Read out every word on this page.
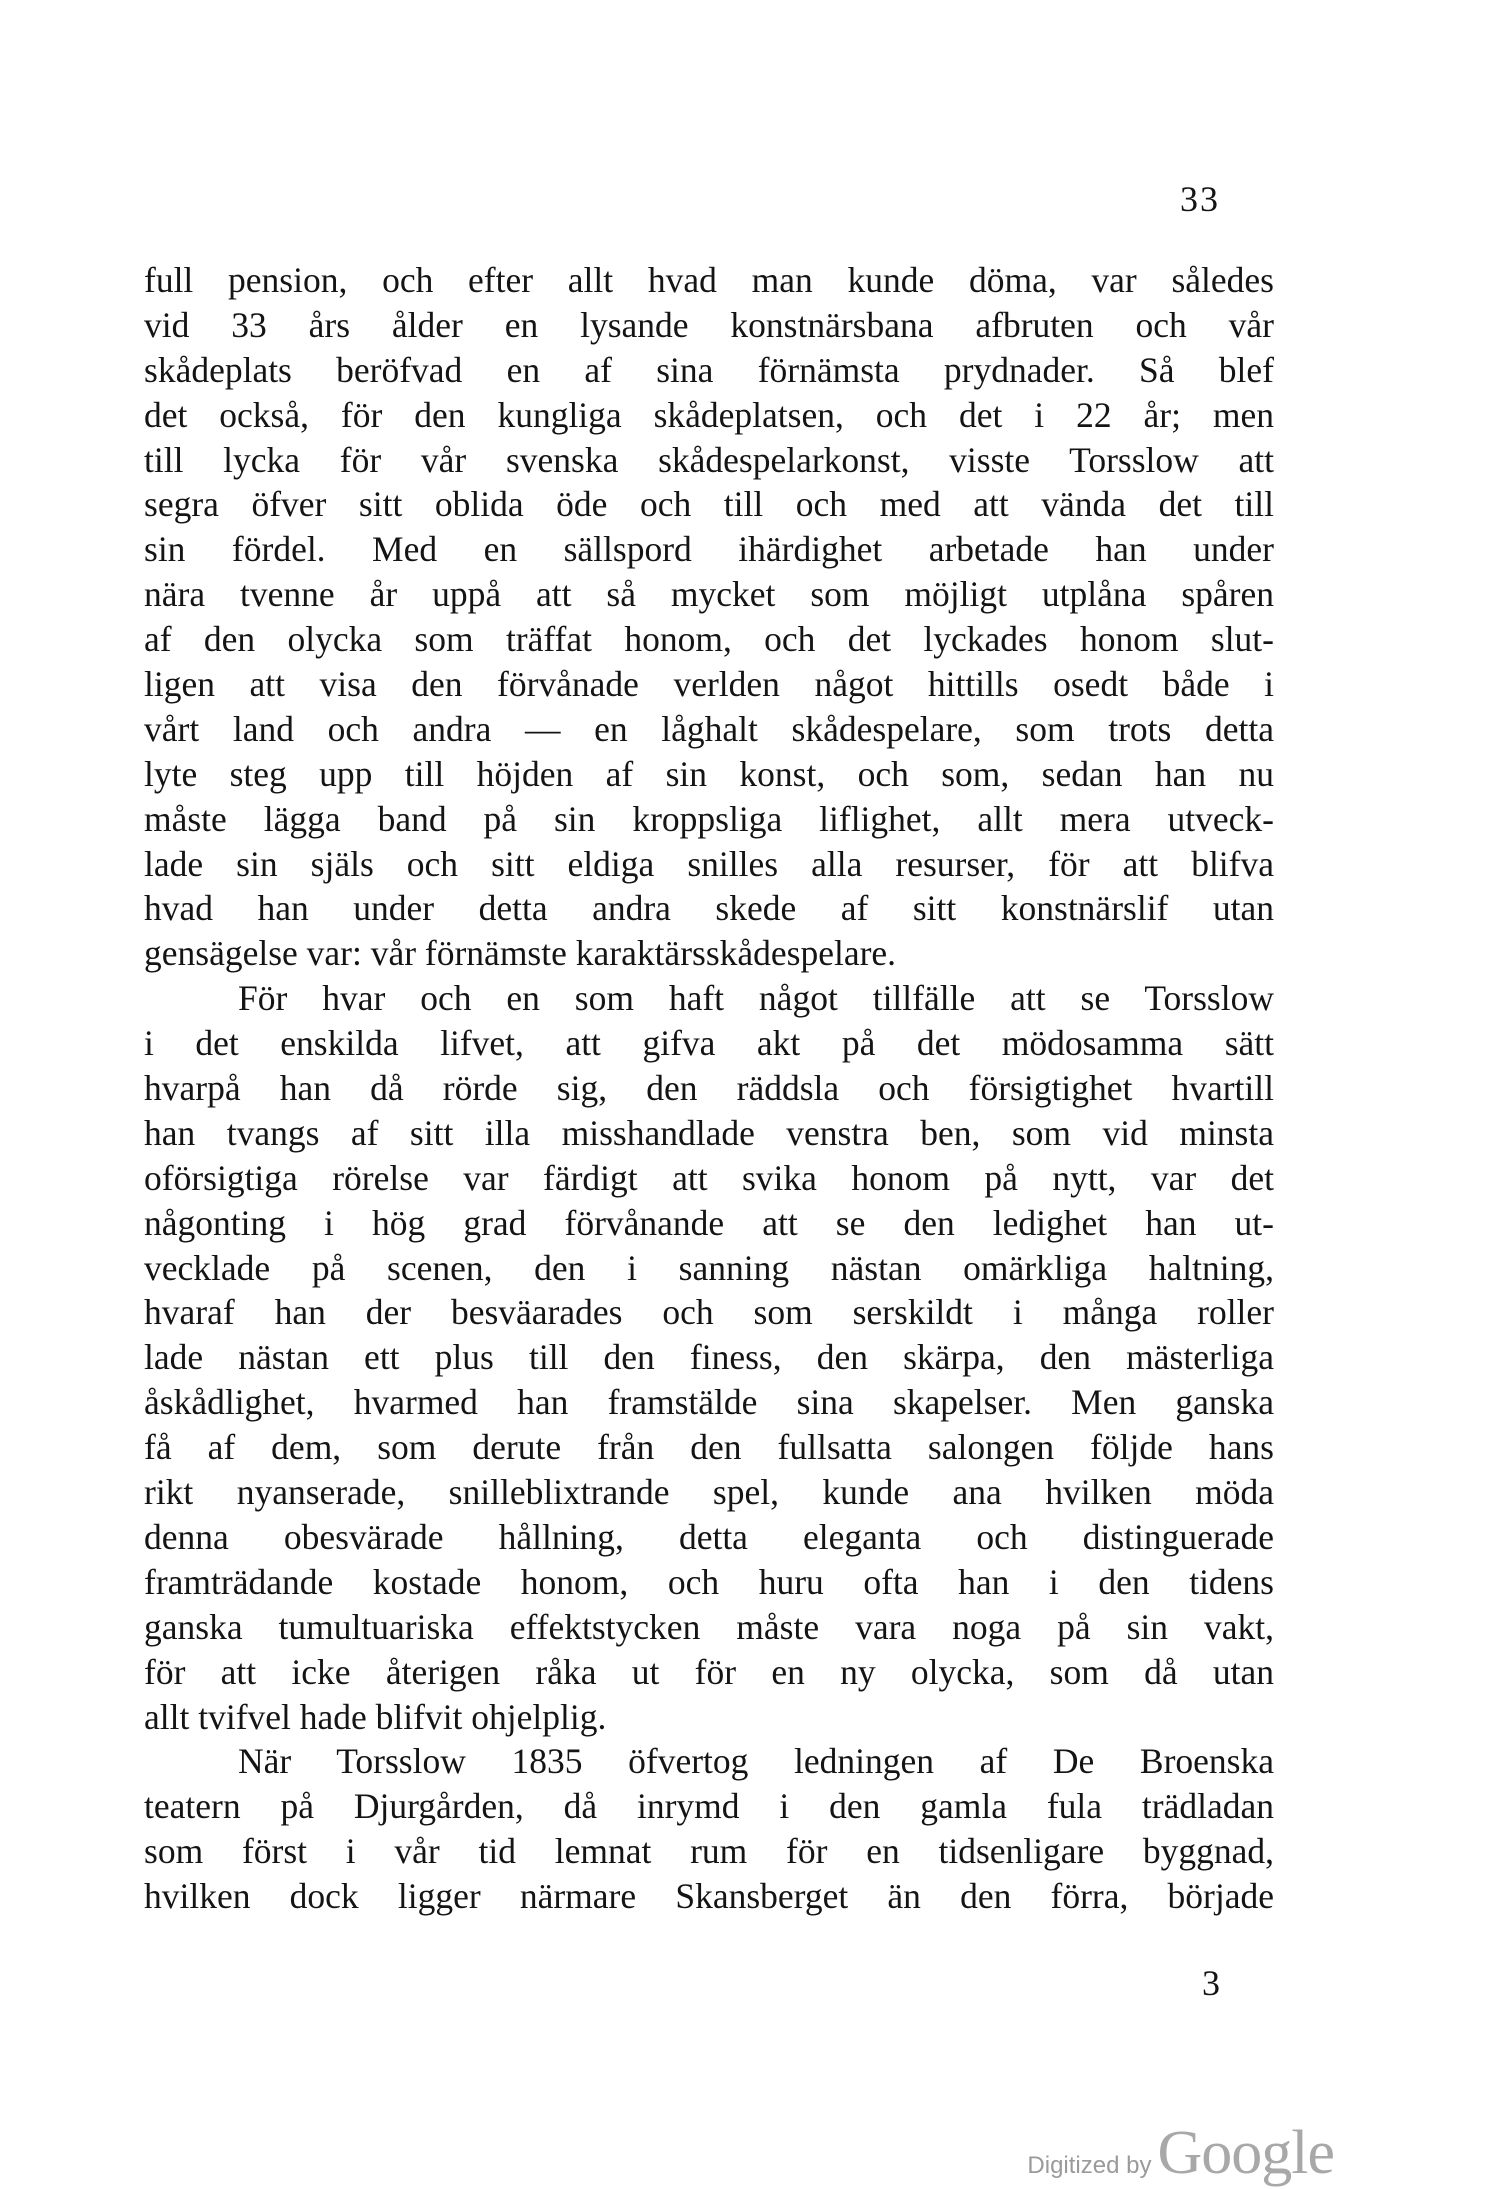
33
full pension, och efter allt hvad man kunde döma, var således
vid 33 års ålder en lysande konstnärsbana afbruten och vår
skådeplats beröfvad en af sina förnämsta prydnader. Så blef
det också, för den kungliga skådeplatsen, och det i 22 år; men
till lycka för vår svenska skådespelarkonst, visste Torsslow att
segra öfver sitt oblida öde och till och med att vända det till
sin fördel. Med en sällspord ihärdighet arbetade han under
nära tvenne år uppå att så mycket som möjligt utplåna spåren
af den olycka som träffat honom, och det lyckades honom slut-
ligen att visa den förvånade verlden något hittills osedt både i
vårt land och andra — en låghalt skådespelare, som trots detta
lyte steg upp till höjden af sin konst, och som, sedan han nu
måste lägga band på sin kroppsliga liflighet, allt mera utveck-
lade sin själs och sitt eldiga snilles alla resurser, för att blifva
hvad han under detta andra skede af sitt konstnärslif utan
gensägelse var: vår förnämste karaktärsskådespelare.
För hvar och en som haft något tillfälle att se Torsslow
i det enskilda lifvet, att gifva akt på det mödosamma sätt
hvarpå han då rörde sig, den räddsla och försigtighet hvartill
han tvangs af sitt illa misshandlade venstra ben, som vid minsta
oförsigtiga rörelse var färdigt att svika honom på nytt, var det
någonting i hög grad förvånande att se den ledighet han ut-
vecklade på scenen, den i sanning nästan omärkliga haltning,
hvaraf han der besväarades och som serskildt i många roller
lade nästan ett plus till den finess, den skärpa, den mästerliga
åskådlighet, hvarmed han framstälde sina skapelser. Men ganska
få af dem, som derute från den fullsatta salongen följde hans
rikt nyanserade, snilleblixtrande spel, kunde ana hvilken möda
denna obesvärade hållning, detta eleganta och distinguerade
framträdande kostade honom, och huru ofta han i den tidens
ganska tumultuariska effektstycken måste vara noga på sin vakt,
för att icke återigen råka ut för en ny olycka, som då utan
allt tvifvel hade blifvit ohjelplig.
När Torsslow 1835 öfvertog ledningen af De Broenska
teatern på Djurgården, då inrymd i den gamla fula trädladan
som först i vår tid lemnat rum för en tidsenligare byggnad,
hvilken dock ligger närmare Skansberget än den förra, började
3
Digitized by Google
